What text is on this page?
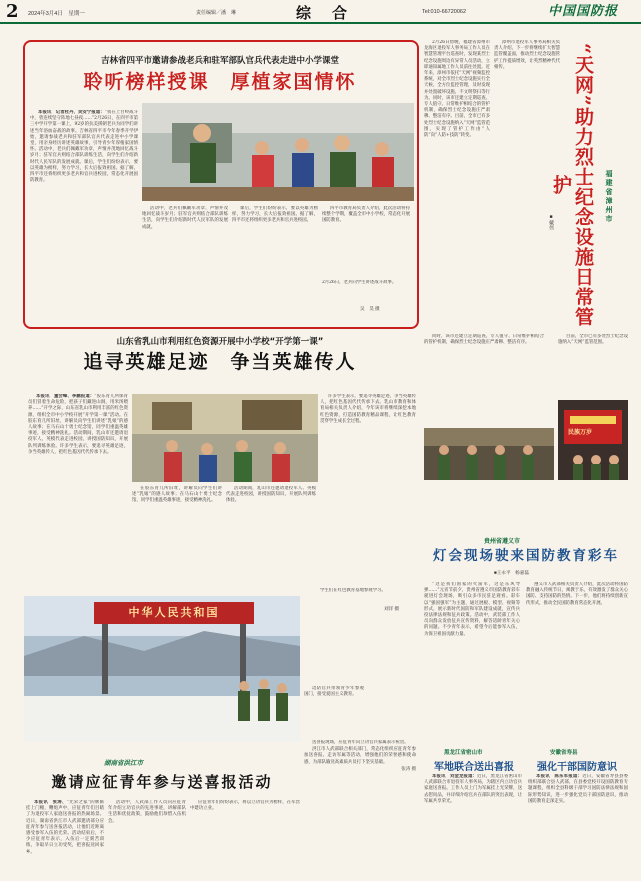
2 2024年3月4日　星期一	责任编辑／潘　琳	综　合	Tel:010-66720062	中国国防报
吉林省四平市邀请参战老兵和驻军部队官兵代表走进中小学课堂
聆听榜样授课　厚植家国情怀

本报讯　记者杜丹、吴安宁报道：“我在上甘岭战斗中，曾连续坚守阵地七昼夜……”2月26日，在四平市第三中学开学第一课上，92岁的抗美援朝老兵为同学们讲述当年浴血奋战的故事。吉林省四平市今年春季开学伊始，邀请参战老兵和驻军部队官兵代表走进中小学课堂，用亲身经历讲述英雄故事，引导青少年厚植家国情怀。活动中，老兵们佩戴军功章，声情并茂地回忆战斗岁月；驻军官兵则结合部队训练生活，向学生们介绍新时代人民军队的发展成就。课后，学生们纷纷表示，要以英雄为榜样，努力学习，长大后报效祖国。据了解，四平市还将组织更多老兵和官兵进校园，常态化开展国防教育。

活动中，老兵们佩戴军功章，声情并茂地回忆战斗岁月；驻军官兵则结合部队训练生活，向学生们介绍新时代人民军队的发展成就。

课后，学生们纷纷表示，要以英雄为榜样，努力学习，长大后报效祖国。据了解，四平市还将组织更多老兵和官兵进校园。

四平市教育局负责人介绍，此次活动将持续整个学期，覆盖全市中小学校，常态化开展国防教育。

2月26日，老兵向学生讲述战斗故事。
吴　昊 摄
山东省乳山市利用红色资源开展中小学校“开学第一课”
追寻英雄足迹　争当英雄传人

本报讯　董会峰、李鹏报道：“胶东育儿所保育员们冒着生命危险，把孩子们藏进山洞，用米汤喂养……”开学之际，山东省乳山市利用丰富的红色资源，组织全市中小学校开展“开学第一课”活动。在胶东育儿所旧址，讲解员向学生们讲述“乳娘”的感人故事；在马石山十勇士纪念馆，同学们重温英雄事迹，接受精神洗礼。活动期间，乳山市还邀请退役军人、英模代表走进校园，讲授国防知识，开展队列训练体验。许多学生表示，要追寻英雄足迹，争当英雄传人，把红色基因代代传承下去。

在胶东育儿所旧址，讲解员向学生们讲述“乳娘”的感人故事；在马石山十勇士纪念馆，同学们重温英雄事迹，接受精神洗礼。

活动期间，乳山市还邀请退役军人、英模代表走进校园，讲授国防知识，开展队列训练体验。

许多学生表示，要追寻英雄足迹，争当英雄传人，把红色基因代代传承下去。乳山市教育和体育局相关负责人介绍，今年该市将继续深挖本地红色资源，打造国防教育精品课程，让红色教育贯穿学生成长全过程。

学生们在红色教育基地参观学习。
刘洋 摄
中华人民共和国

边防官兵带领青少年参观国门，接受爱国主义教育。

“天网”助力烈士纪念设施日常管护	福建省漳州市
■戴伟

2月26日傍晚，福建省漳州市龙海区退役军人事务局工作人员在智慧管理平台巡查时，发现某烈士纪念设施周边有异常人员活动，立即通知属地工作人员前往处置。近年来，漳州市依托“天网”视频监控系统，对全市烈士纪念设施实行全天候、全方位监控管理，及时发现并处置破坏设施、不文明祭扫等行为。同时，该市还建立定期巡查、专人值守、日常维护相结合的管护机制，确保烈士纪念设施庄严肃穆、整洁有序。目前，全市已有多处烈士纪念设施纳入“天网”监管范围，实现了管护工作由“人防”向“人防+技防”转变。

漳州市退役军人事务局相关负责人介绍，下一步将继续扩大智慧监管覆盖面，推动烈士纪念设施管护工作提质增效，让英烈精神代代相传。

同时，该市还建立定期巡查、专人值守、日常维护相结合的管护机制，确保烈士纪念设施庄严肃穆、整洁有序。

目前，全市已有多处烈士纪念设施纳入“天网”监管范围。

民族万岁
贵州省遵义市
灯会现场驶来国防教育彩车
■王永平　杨嘉磊

“这是我们国家的火箭军，这是东风导弹……”元宵节前夕，贵州省遵义市国防教育彩车驶进灯会现场，吸引众多市民驻足观看。彩车以“强国强军”为主题，通过展板、模型、视频等形式，展示新时代国防和军队建设成就，宣传兵役法律法规和征兵政策。活动中，武装部工作人员向群众发放征兵宣传资料，解答适龄青年关心的问题。不少青年表示，希望今后能参军入伍，为保卫祖国贡献力量。

遵义市人武部相关负责人介绍，此次活动将国防教育融入传统节日，寓教于乐，有效激发了群众关心国防、支持国防的热情。下一步，他们将持续创新宣传形式，推动全民国防教育常态化开展。

湖南省洪江市
邀请应征青年参与送喜报活动

本报讯　张涛、“光荣之家”的牌匾挂上门楣，鞭炮声中，应征青年们目睹了为退役军人家庭送喜报的热闹场景。近日，湖南省洪江市人武部邀请部分应征青年参与送喜报活动，让他们近距离感受参军入伍的光荣。活动结束后，不少应征青年表示，入伍后一定刻苦训练，争取早日立功受奖，把喜报送回家乡。

活动中，人武部工作人员向应征青年介绍立功官兵的先进事迹，讲解部队生活和优抚政策，鼓励他们珍惜入伍机会。

应征青年们纷纷表示，将以立功官兵为榜样，在军营中建功立业。

送喜报现场，应征青年向立功官兵家属表示祝贺。

洪江市人武部联合相关部门，常态化组织应征青年参加送喜报、走访军属等活动，增强他们的荣誉感和使命感，为部队输送高素质兵员打下坚实基础。

张涛 摄

黑龙江省密山市
军地联合送出喜报

本报讯　刘金龙报道：近日，黑龙江省密山市人武部联合市退役军人事务局，为辖区内立功官兵家庭送喜报。工作人员上门为军属挂上光荣牌，送去慰问品，并详细介绍官兵在部队的突出表现，让军属共享荣光。

安徽省寿县
强化干部国防意识

本报讯　陈东军报道：近日，安徽省寿县县委组织部联合县人武部，在县委党校开设国防教育专题课程，组织全县科级干部学习国防法律法规和国际形势知识，进一步强化党员干部国防意识，推动国防教育走深走实。
